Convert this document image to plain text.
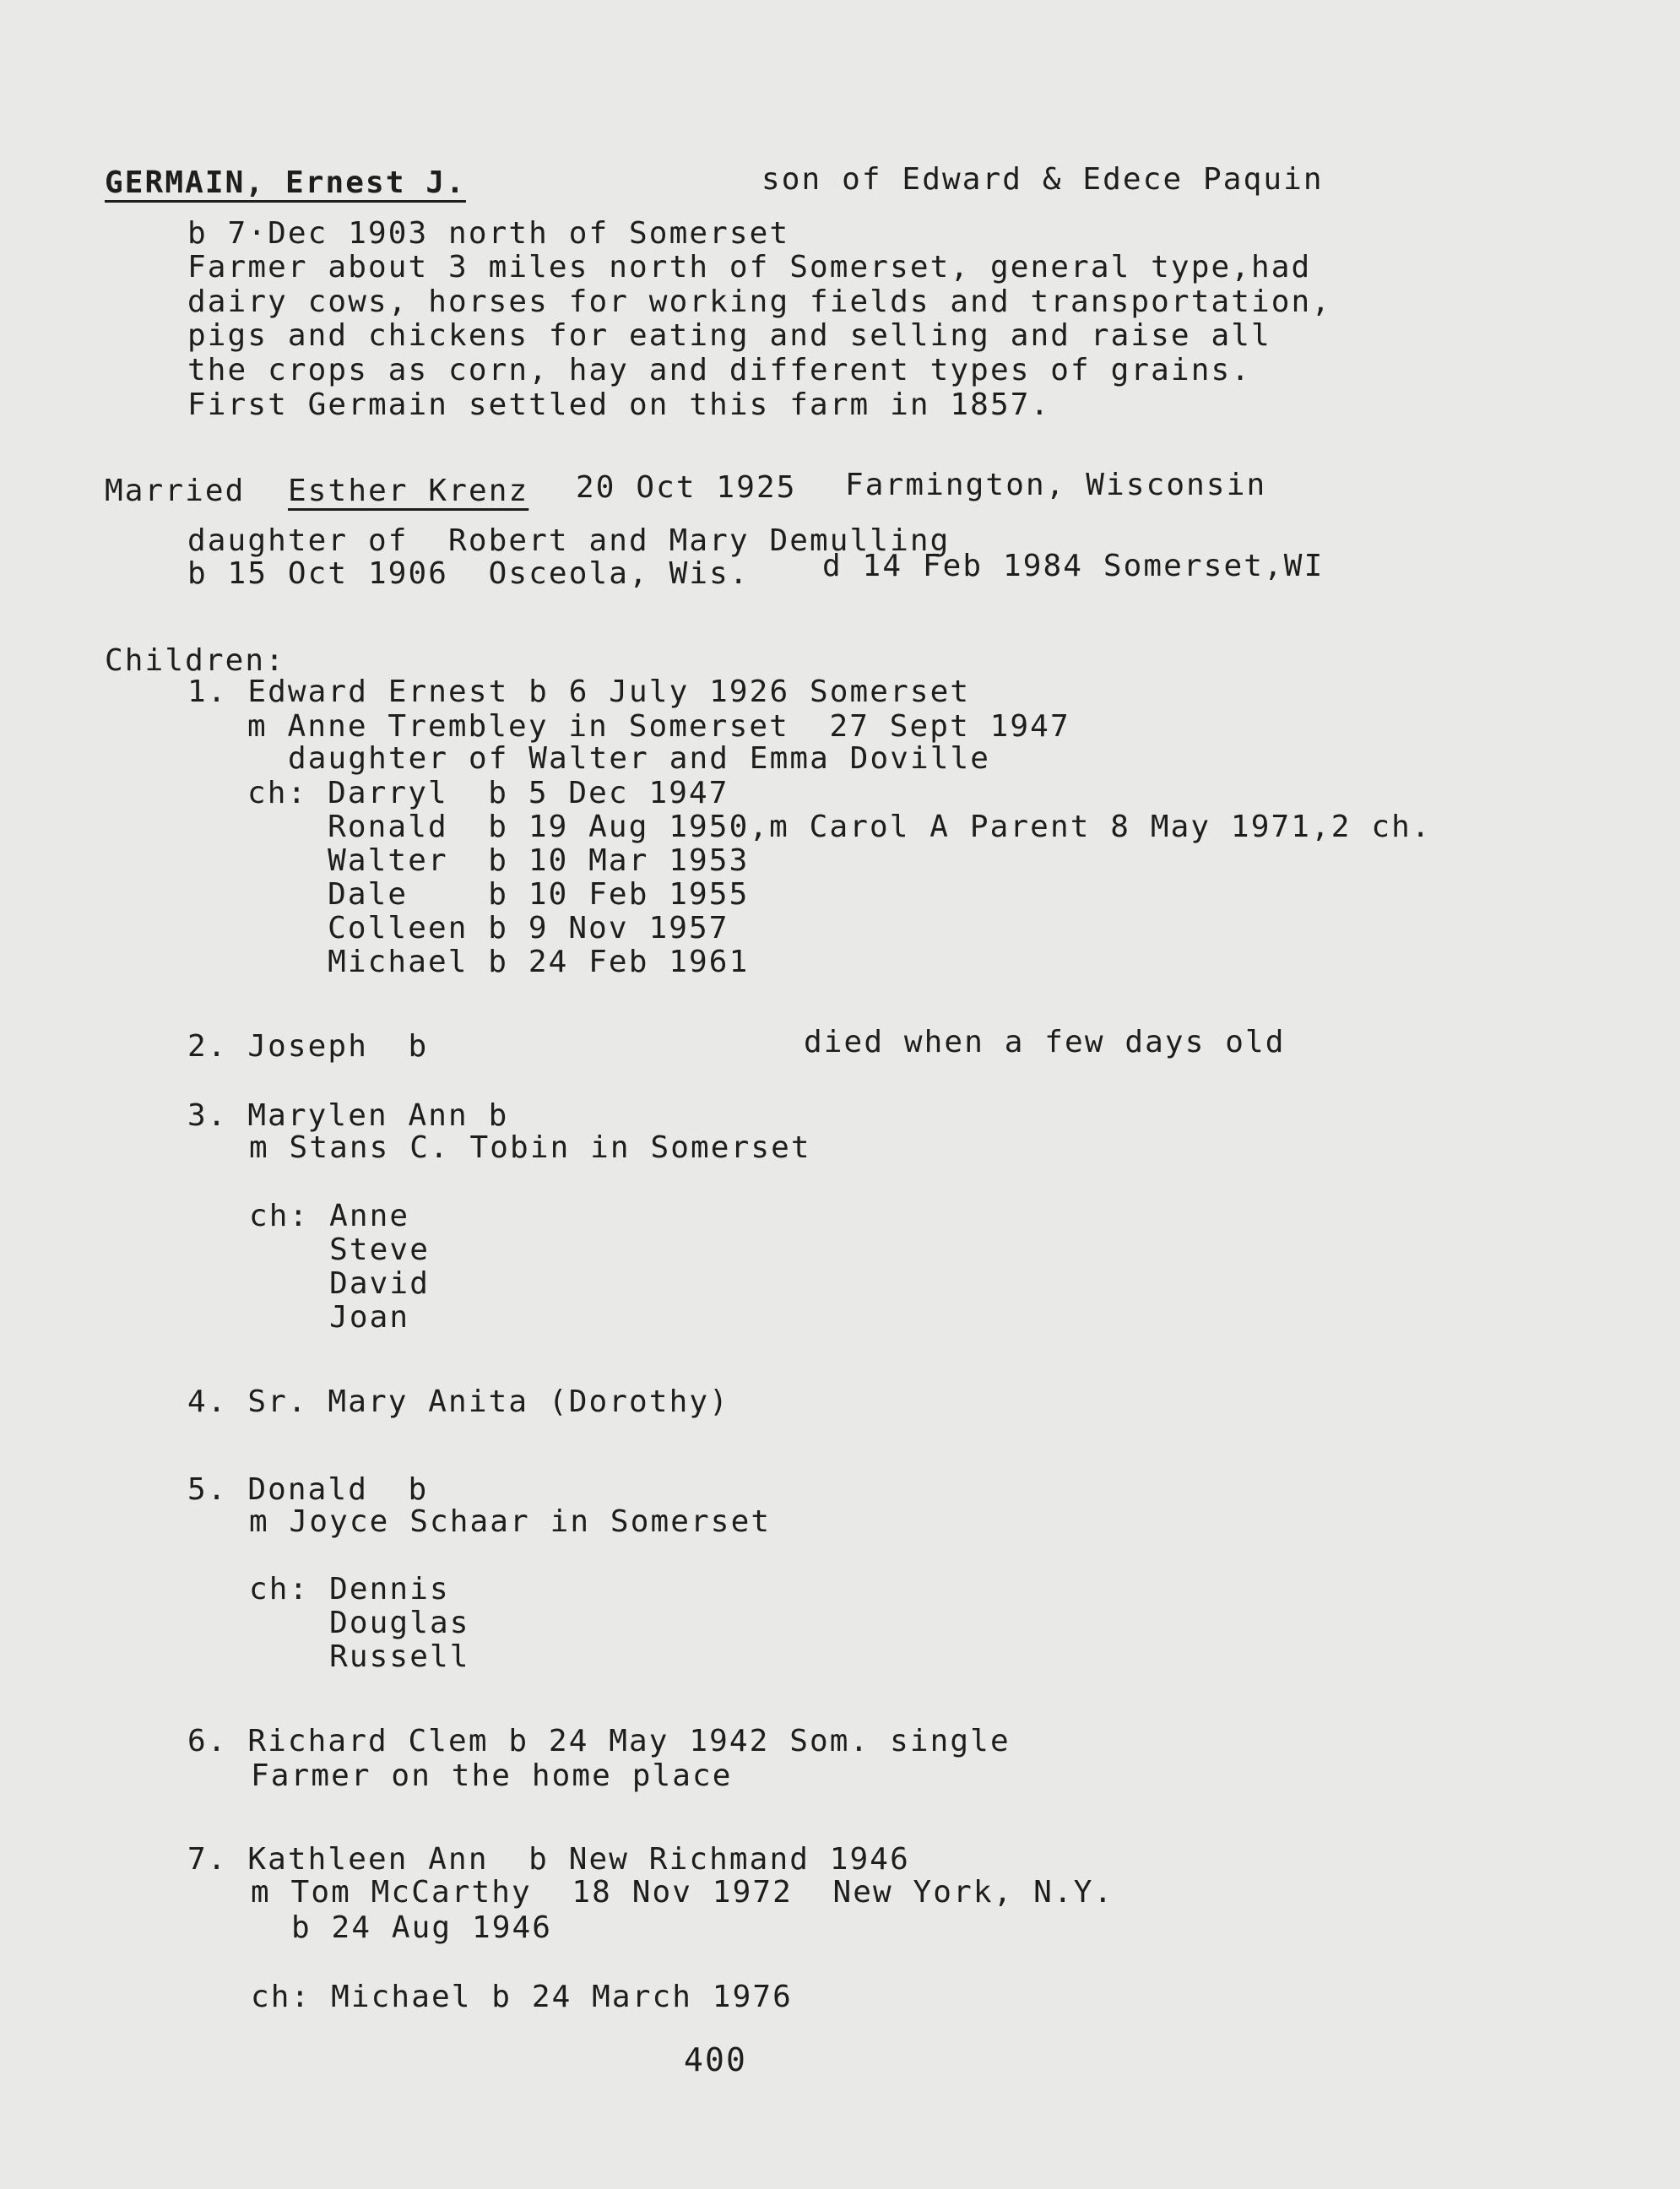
GERMAIN, Ernest J.	son of Edward & Edece Paquin
b 7·Dec 1903 north of Somerset
Farmer about 3 miles north of Somerset, general type,had
dairy cows, horses for working fields and transportation,
pigs and chickens for eating and selling and raise all
the crops as corn, hay and different types of grains.
First Germain settled on this farm in 1857.
Married Esther Krenz 20 Oct 1925 Farmington, Wisconsin
daughter of  Robert and Mary Demulling
b 15 Oct 1906  Osceola, Wis. d 14 Feb 1984 Somerset,WI
Children:
1. Edward Ernest b 6 July 1926 Somerset
m Anne Trembley in Somerset  27 Sept 1947
daughter of Walter and Emma Doville
ch: Darryl  b 5 Dec 1947
Ronald  b 19 Aug 1950,m Carol A Parent 8 May 1971,2 ch.
Walter  b 10 Mar 1953
Dale    b 10 Feb 1955
Colleen b 9 Nov 1957
Michael b 24 Feb 1961
2. Joseph  b	died when a few days old
3. Marylen Ann b
m Stans C. Tobin in Somerset
ch: Anne
Steve
David
Joan
4. Sr. Mary Anita (Dorothy)
5. Donald  b
m Joyce Schaar in Somerset
ch: Dennis
Douglas
Russell
6. Richard Clem b 24 May 1942 Som. single
Farmer on the home place
7. Kathleen Ann  b New Richmand 1946
m Tom McCarthy  18 Nov 1972  New York, N.Y.
b 24 Aug 1946
ch: Michael b 24 March 1976
400
